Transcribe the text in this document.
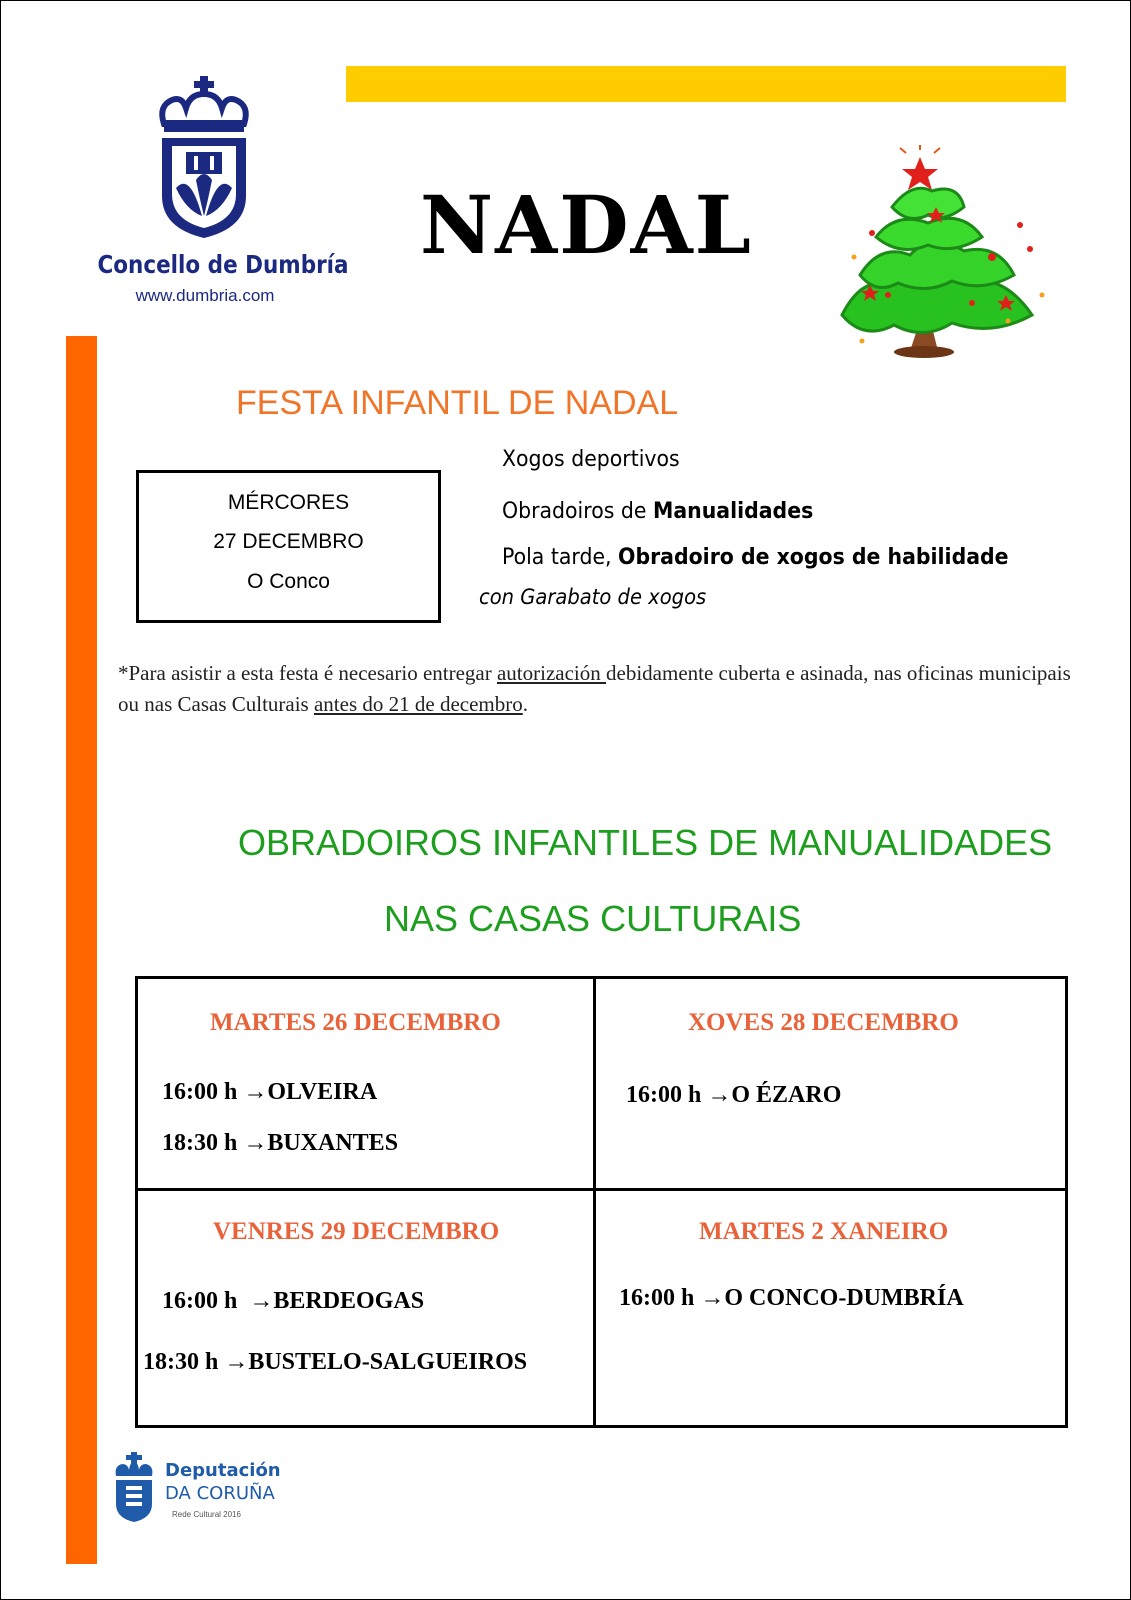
Concello de Dumbría
www.dumbria.com
NADAL
FESTA INFANTIL DE NADAL
MÉRCORES
27 DECEMBRO
O Conco
Xogos deportivos
Obradoiros de Manualidades
Pola tarde, Obradoiro de xogos de habilidade
con Garabato de xogos
*Para asistir a esta festa é necesario entregar autorización debidamente cuberta e asinada, nas oficinas municipais ou nas Casas Culturais antes do 21 de decembro.
OBRADOIROS INFANTILES DE MANUALIDADES
NAS CASAS CULTURAIS
MARTES 26 DECEMBRO
16:00 h →OLVEIRA
18:30 h →BUXANTES
XOVES 28 DECEMBRO
16:00 h →O ÉZARO
VENRES 29 DECEMBRO
16:00 h  →BERDEOGAS
18:30 h →BUSTELO-SALGUEIROS
MARTES 2 XANEIRO
16:00 h →O CONCO-DUMBRÍA
Deputación
DA CORUÑA
Rede Cultural 2016
